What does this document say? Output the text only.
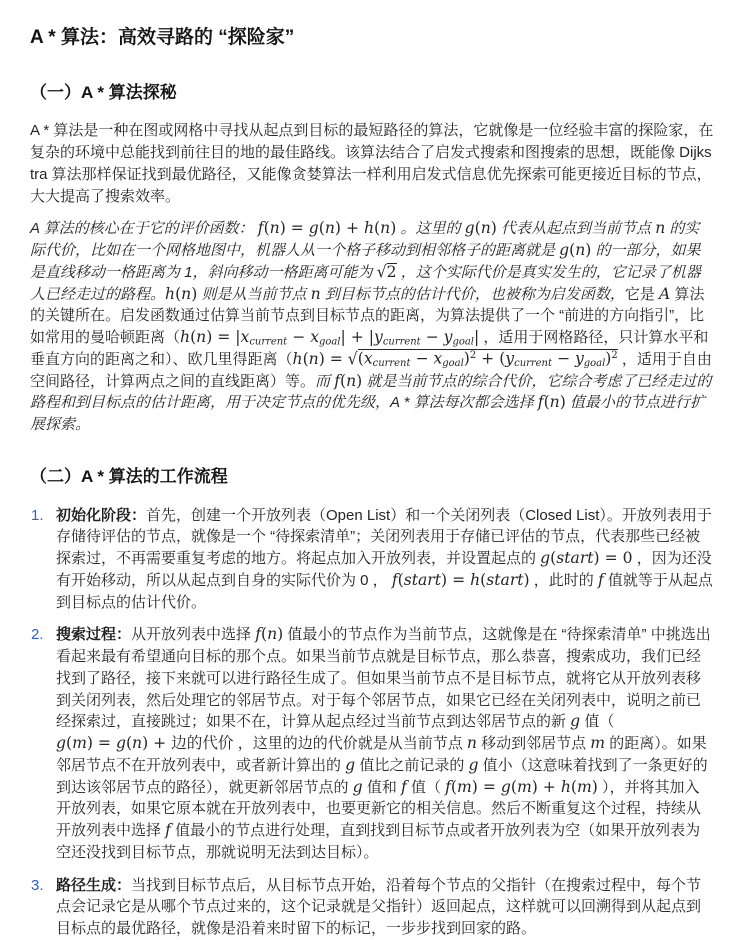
A * 算法：高效寻路的 “探险家”
（一）A * 算法探秘

A * 算法是一种在图或网格中寻找从起点到目标的最短路径的算法，它就像是一位经验丰富的探险家，在复杂的环境中总能找到前往目的地的最佳路线。该算法结合了启发式搜索和图搜索的思想，既能像 Dijkstra 算法那样保证找到最优路径，又能像贪婪算法一样利用启发式信息优先探索可能更接近目标的节点，大大提高了搜索效率。

A 算法的核心在于它的评价函数： f(n) = g(n) + h(n) 。这里的 g(n) 代表从起点到当前节点 n 的实际代价，比如在一个网格地图中，机器人从一个格子移动到相邻格子的距离就是 g(n) 的一部分，如果是直线移动一格距离为 1，斜向移动一格距离可能为 √2 ，这个实际代价是真实发生的，它记录了机器人已经走过的路程。h(n) 则是从当前节点 n 到目标节点的估计代价，也被称为启发函数，它是 A 算法的关键所在。启发函数通过估算当前节点到目标节点的距离，为算法提供了一个 “前进的方向指引”，比如常用的曼哈顿距离（$h(n) = |x_{current} - x_{goal}| + |y_{current} - y_{goal}|$ ，适用于网格路径，只计算水平和垂直方向的距离之和）、欧几里得距离（$h(n) = √(x_{current} - x_{goal})^2 + (y_{current} - y_{goal})^2$ ，适用于自由空间路径，计算两点之间的直线距离）等。而 f(n) 就是当前节点的综合代价，它综合考虑了已经走过的路程和到目标点的估计距离，用于决定节点的优先级，A * 算法每次都会选择 f(n) 值最小的节点进行扩展探索。

（二）A * 算法的工作流程
1. 初始化阶段：首先，创建一个开放列表（Open List）和一个关闭列表（Closed List）。开放列表用于存储待评估的节点，就像是一个 “待探索清单”；关闭列表用于存储已评估的节点，代表那些已经被探索过，不再需要重复考虑的地方。将起点加入开放列表，并设置起点的 g(start) = 0 ，因为还没有开始移动，所以从起点到自身的实际代价为 0 ， f(start) = h(start) ，此时的 f 值就等于从起点到目标点的估计代价。
2. 搜索过程：从开放列表中选择 f(n) 值最小的节点作为当前节点，这就像是在 “待探索清单” 中挑选出看起来最有希望通向目标的那个点。如果当前节点就是目标节点，那么恭喜，搜索成功，我们已经找到了路径，接下来就可以进行路径生成了。但如果当前节点不是目标节点，就将它从开放列表移到关闭列表，然后处理它的邻居节点。对于每个邻居节点，如果它已经在关闭列表中，说明之前已经探索过，直接跳过；如果不在，计算从起点经过当前节点到达邻居节点的新 g 值（ g(m) = g(n) + 边的代价 ，这里的边的代价就是从当前节点 n 移动到邻居节点 m 的距离）。如果邻居节点不在开放列表中，或者新计算出的 g 值比之前记录的 g 值小（这意味着找到了一条更好的到达该邻居节点的路径），就更新邻居节点的 g 值和 f 值（ f(m) = g(m) + h(m) ），并将其加入开放列表，如果它原本就在开放列表中，也要更新它的相关信息。然后不断重复这个过程，持续从开放列表中选择 f 值最小的节点进行处理，直到找到目标节点或者开放列表为空（如果开放列表为空还没找到目标节点，那就说明无法到达目标）。
3. 路径生成：当找到目标节点后，从目标节点开始，沿着每个节点的父指针（在搜索过程中，每个节点会记录它是从哪个节点过来的，这个记录就是父指针）返回起点，这样就可以回溯得到从起点到目标点的最优路径，就像是沿着来时留下的标记，一步步找到回家的路。
